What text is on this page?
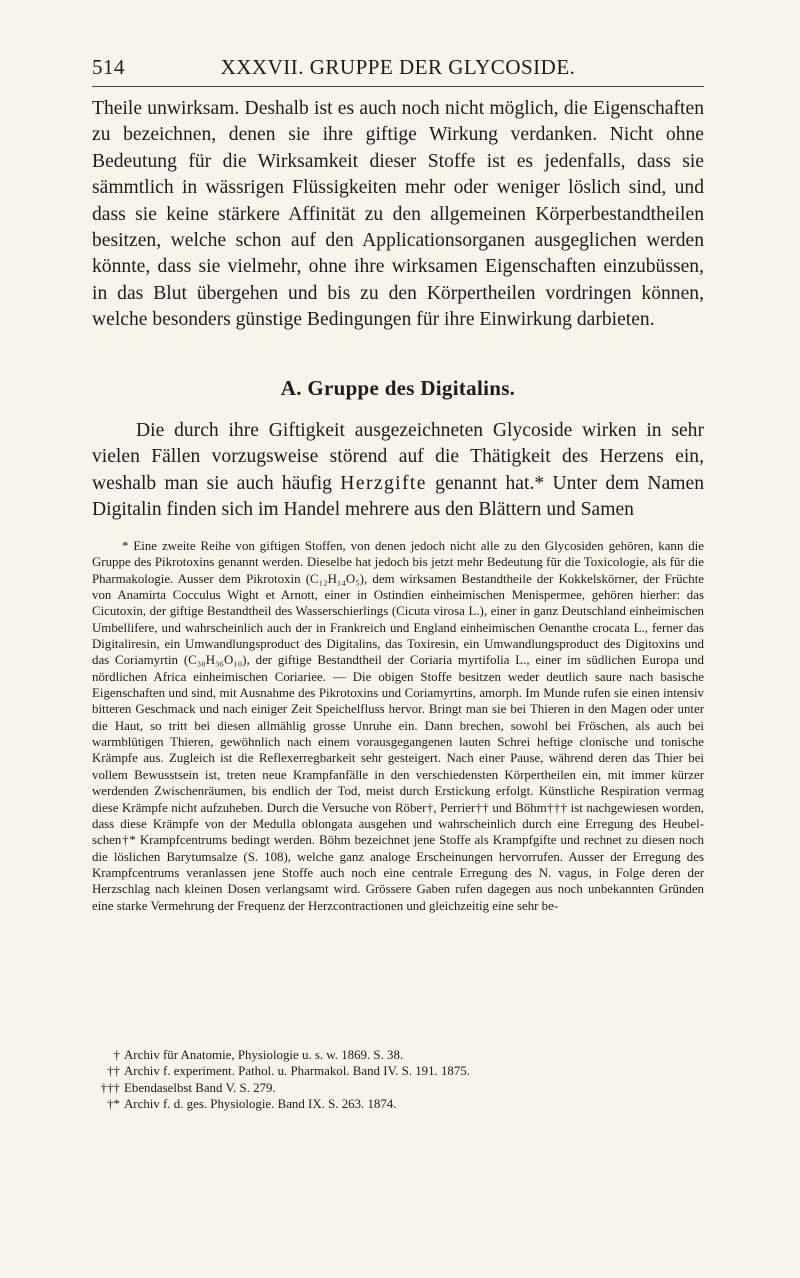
514	XXXVII. GRUPPE DER GLYCOSIDE.

Theile unwirksam. Deshalb ist es auch noch nicht möglich, die Eigenschaften zu bezeichnen, denen sie ihre giftige Wirkung verdanken. Nicht ohne Bedeutung für die Wirksamkeit dieser Stoffe ist es jedenfalls, dass sie sämmtlich in wässrigen Flüssigkeiten mehr oder weniger löslich sind, und dass sie keine stärkere Affinität zu den allgemeinen Körperbestandtheilen besitzen, welche schon auf den Applicationsorganen ausgeglichen werden könnte, dass sie vielmehr, ohne ihre wirksamen Eigenschaften einzubüssen, in das Blut übergehen und bis zu den Körpertheilen vordringen können, welche besonders günstige Bedingungen für ihre Einwirkung darbieten.

A. Gruppe des Digitalins.

Die durch ihre Giftigkeit ausgezeichneten Glycoside wirken in sehr vielen Fällen vorzugsweise störend auf die Thätigkeit des Herzens ein, weshalb man sie auch häufig Herzgifte genannt hat.* Unter dem Namen Digitalin finden sich im Handel mehrere aus den Blättern und Samen

* Eine zweite Reihe von giftigen Stoffen, von denen jedoch nicht alle zu den Glycosiden gehören, kann die Gruppe des Pikrotoxins genannt werden. Dieselbe hat jedoch bis jetzt mehr Bedeutung für die Toxicologie, als für die Pharmakologie. Ausser dem Pikrotoxin (C₁₂H₁₄O₅), dem wirksamen Bestandtheile der Kokkelskörner, der Früchte von Anamirta Cocculus Wight et Arnott, einer in Ostindien einheimischen Menispermee, gehören hierher: das Cicutoxin, der giftige Bestandtheil des Wasserschierlings (Cicuta virosa L.), einer in ganz Deutschland einheimischen Umbellifere, und wahrscheinlich auch der in Frankreich und England einheimischen Oenanthe crocata L., ferner das Digitaliresin, ein Umwandlungsproduct des Digitalins, das Toxiresin, ein Umwandlungsproduct des Digitoxins und das Coriamyrtin (C₃₀H₃₆O₁₀), der giftige Bestandtheil der Coriaria myrtifolia L., einer im südlichen Europa und nördlichen Africa einheimischen Coriariee. — Die obigen Stoffe besitzen weder deutlich saure nach basische Eigenschaften und sind, mit Ausnahme des Pikrotoxins und Coriamyrtins, amorph. Im Munde rufen sie einen intensiv bitteren Geschmack und nach einiger Zeit Speichelfluss hervor. Bringt man sie bei Thieren in den Magen oder unter die Haut, so tritt bei diesen allmählig grosse Unruhe ein. Dann brechen, sowohl bei Fröschen, als auch bei warmblütigen Thieren, gewöhnlich nach einem vorausgegangenen lauten Schrei heftige clonische und tonische Krämpfe aus. Zugleich ist die Reflexerregbarkeit sehr gesteigert. Nach einer Pause, während deren das Thier bei vollem Bewusstsein ist, treten neue Krampfanfälle in den verschiedensten Körpertheilen ein, mit immer kürzer werdenden Zwischenräumen, bis endlich der Tod, meist durch Erstickung erfolgt. Künstliche Respiration vermag diese Krämpfe nicht aufzuheben. Durch die Versuche von Röber†, Perrier†† und Böhm††† ist nachgewiesen worden, dass diese Krämpfe von der Medulla oblongata ausgehen und wahrscheinlich durch eine Erregung des Heubel-schen†* Krampfcentrums bedingt werden. Böhm bezeichnet jene Stoffe als Krampfgifte und rechnet zu diesen noch die löslichen Barytumsalze (S. 108), welche ganz analoge Erscheinungen hervorrufen. Ausser der Erregung des Krampfcentrums veranlassen jene Stoffe auch noch eine centrale Erregung des N. vagus, in Folge deren der Herzschlag nach kleinen Dosen verlangsamt wird. Grössere Gaben rufen dagegen aus noch unbekannten Gründen eine starke Vermehrung der Frequenz der Herzcontractionen und gleichzeitig eine sehr be-

† Archiv für Anatomie, Physiologie u. s. w. 1869. S. 38.
†† Archiv f. experiment. Pathol. u. Pharmakol. Band IV. S. 191. 1875.
††† Ebendaselbst Band V. S. 279.
†* Archiv f. d. ges. Physiologie. Band IX. S. 263. 1874.
